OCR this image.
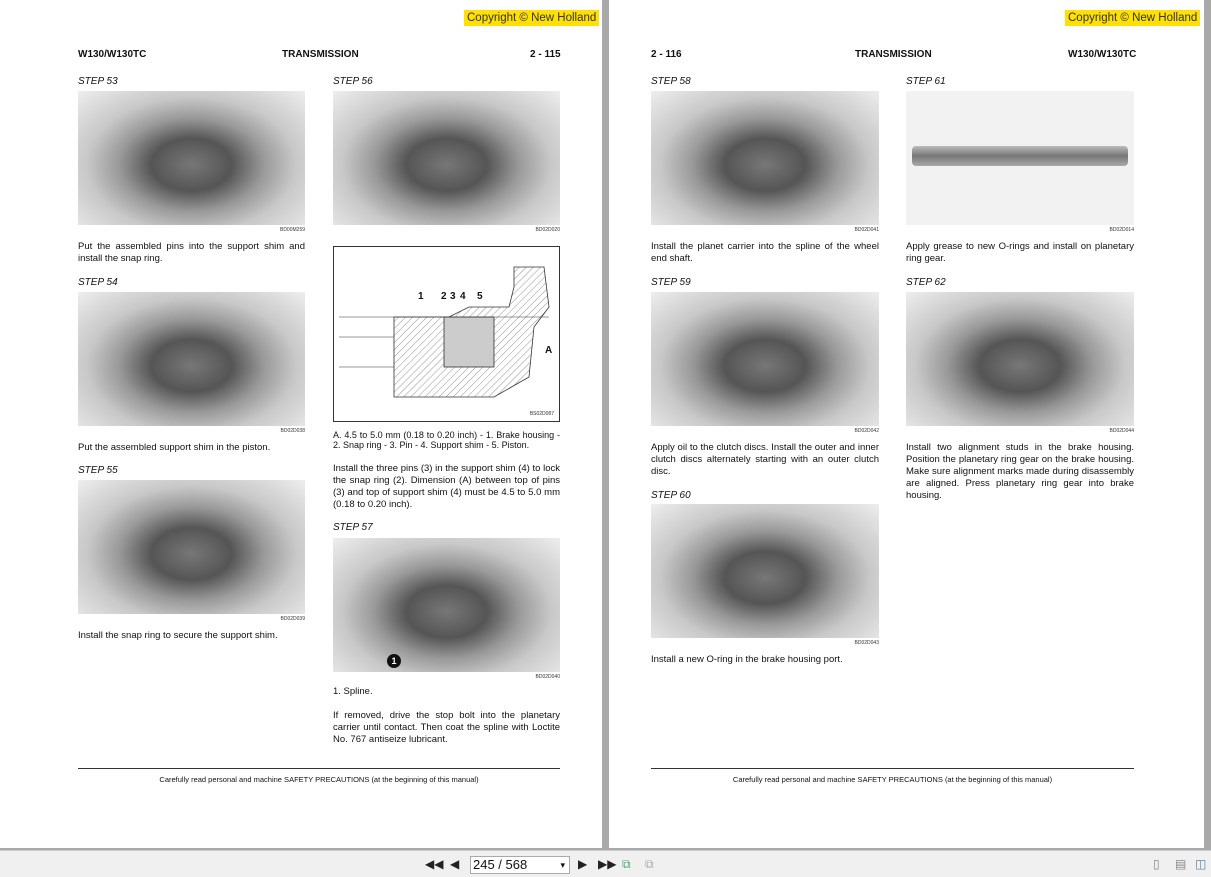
Copyright © New Holland
W130/W130TC	TRANSMISSION	2 - 115
STEP 53
BD00M259
Put the assembled pins into the support shim and install the snap ring.
STEP 54
BD02D038
Put the assembled support shim in the piston.
STEP 55
BD02D039
Install the snap ring to secure the support shim.
STEP 56
BD02D020
1 2 3 4 5
A
BS02D087
A. 4.5 to 5.0 mm (0.18 to 0.20 inch) - 1. Brake housing - 2. Snap ring - 3. Pin - 4. Support shim - 5. Piston.
Install the three pins (3) in the support shim (4) to lock the snap ring (2). Dimension (A) between top of pins (3) and top of support shim (4) must be 4.5 to 5.0 mm (0.18 to 0.20 inch).
STEP 57
1
BD02D040
1. Spline.
If removed, drive the stop bolt into the planetary carrier until contact. Then coat the spline with Loctite No. 767 antiseize lubricant.
Carefully read personal and machine SAFETY PRECAUTIONS (at the beginning of this manual)
Copyright © New Holland
2 - 116	TRANSMISSION	W130/W130TC
STEP 58
BD02D041
Install the planet carrier into the spline of the wheel end shaft.
STEP 59
BD02D042
Apply oil to the clutch discs. Install the outer and inner clutch discs alternately starting with an outer clutch disc.
STEP 60
BD02D043
Install a new O-ring in the brake housing port.
STEP 61
BD02D014
Apply grease to new O-rings and install on planetary ring gear.
STEP 62
BD02D044
Install two alignment studs in the brake housing. Position the planetary ring gear on the brake housing. Make sure alignment marks made during disassembly are aligned. Press planetary ring gear into brake housing.
Carefully read personal and machine SAFETY PRECAUTIONS (at the beginning of this manual)
◀◀ ◀ 245 / 568	▾ ▶ ▶▶ ⧉ ⧉	▯ ▤ ◫
